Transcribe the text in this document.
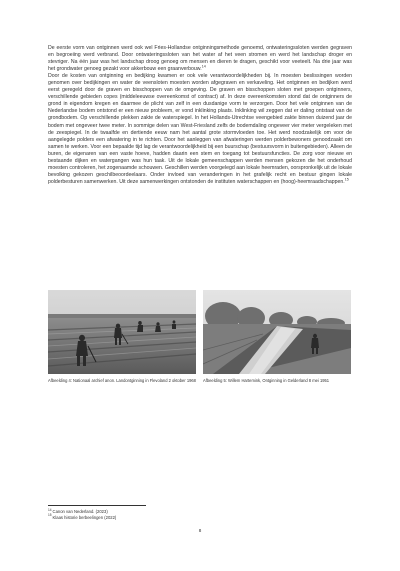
De eerste vorm van ontginnen werd ook wel Fries-Hollandse ontginningsmethode genoemd, ontwateringssloten werden gegraven en begroeiing werd verbrand. Door ontwateringssloten van het water af het veen stromen en werd het landschap droger en stevriger. Na één jaar was het landschap droog genoeg om mensen en dieren te dragen, geschikt voor veeteelt. Na drie jaar was het grondwater genoeg gezakt voor akkerbouw een graanverbouw.$^{14}$

Door de kosten van ontginning en bedijking kwamen er ook vele verantwoordelijkheden bij. In moesten beslissingen worden genomen over bedijkingen en water de veensloten moesten worden afgegraven en verkaveling. Het ontginnen en bedijken werd eerst geregeld door de graven en bisschoppen van de omgeving. De graven en bisschoppen sloten met groepen ontginners, verschillende gebieden copes (middeleeuwse overeenkomst of contract) af. In deze overeenkomsten stond dat de ontginners de grond in eigendom kregen en daarmee de plicht van zelf in een dusdanige vorm te verzorgen. Door het vele ontginnen van de Nederlandse bodem ontstond er een nieuw probleem, er vond inklinking plaats. Inklinking wil zeggen dat er daling ontstaat van de grondbodem. Op verschillende plekken zakte de waterspiegel. In het Hollands-Utrechtse veengebied zakte binnen duizend jaar de bodem met ongeveer twee meter. In sommige delen van West-Friesland zelfs de bodemdaling ongeveer vier meter vergeleken met de zeespiegel. In de twaalfde en dertiende eeuw nam het aantal grote stormvloeden toe. Het werd noodzakelijk om voor de aangelegde polders een afwatering in te richten. Door het aanleggen van afwateringen werden polderbewoners genoodzaakt om samen te werken. Voor een bepaalde tijd lag de verantwoordelijkheid bij een buurschap (bestuursvorm in buitengebieden). Alleen de buren, de eigenaren van een vaste hoeve, hadden daarin een stem en toegang tot bestuursfuncties. De zorg voor nieuwe en bestaande dijken en watergangen was hun taak. Uit de lokale gemeenschappen werden mensen gekozen die het onderhoud moesten controleren, het zogenaamde schouwen. Geschillen werden voorgelegd aan lokale heemraden, oorspronkelijk uit de lokale bevolking gekozen geschilbeoordeelaars. Onder invloed van veranderingen in het grafelijk recht en bestuur gingen lokale polderbesturen samenwerken. Uit deze samenwerkingen ontstonden de instituten waterschappen en (hoog)-heemraadschappen.$^{15}$

Afbeelding 4: Nationaal archief anon. Landontginning in Flevoland 2 oktober 1968 Afbeelding 5: Willem Hartemink, Ontginning in Gelderland 8 mei 1951
$^{14}$Canon van Nederland. (2023)
$^{15}$Klaas historie berbeelingen (2022)
8
